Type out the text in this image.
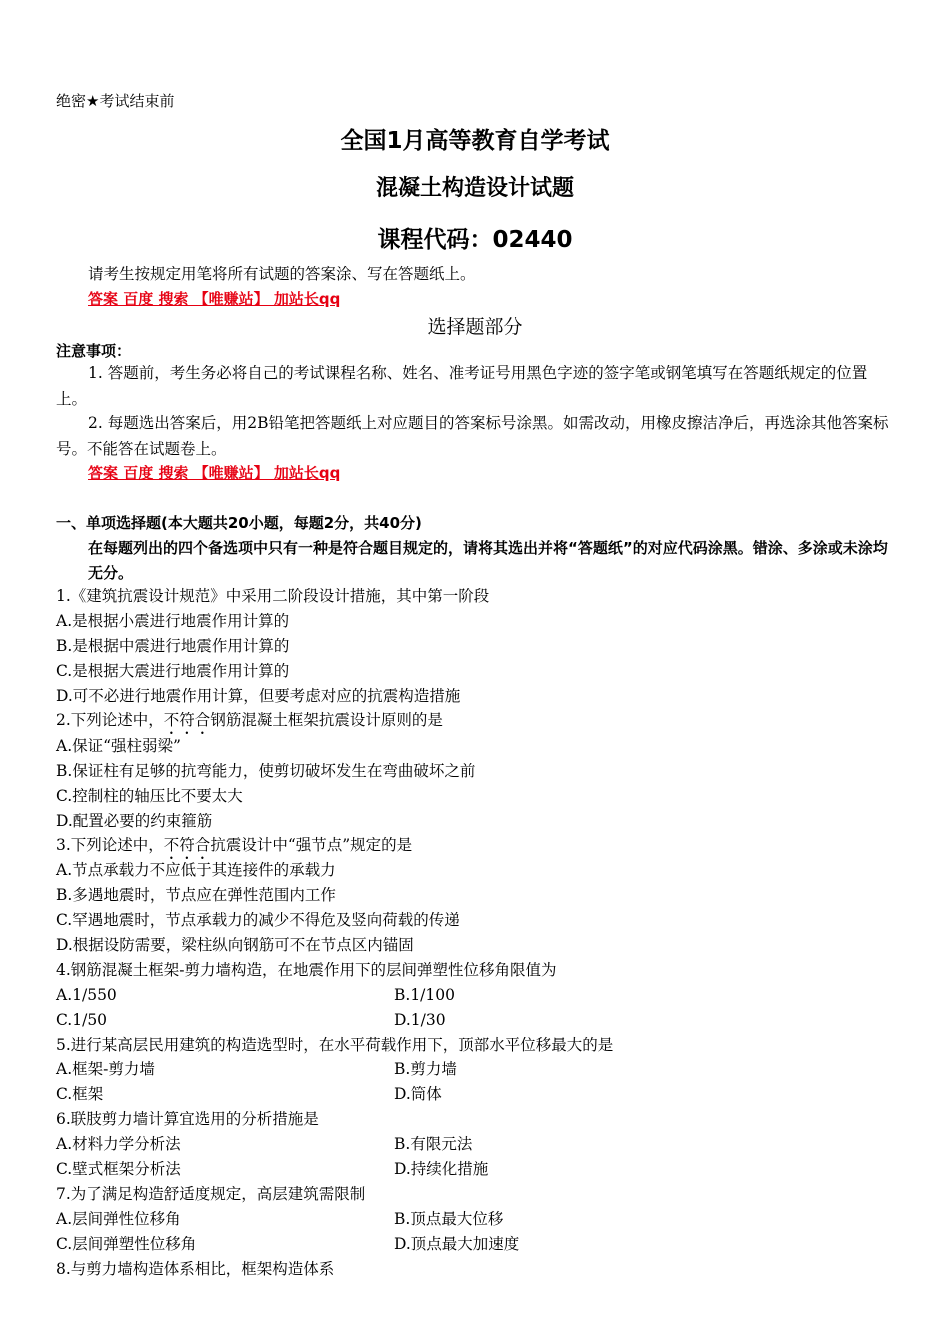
绝密★考试结束前
全国1月高等教育自学考试
混凝土构造设计试题
课程代码：02440
请考生按规定用笔将所有试题的答案涂、写在答题纸上。
答案 百度 搜索 【唯赚站】 加站长qq
选择题部分
注意事项：
1. 答题前，考生务必将自己的考试课程名称、姓名、准考证号用黑色字迹的签字笔或钢笔填写在答题纸规定的位置上。
2. 每题选出答案后，用2B铅笔把答题纸上对应题目的答案标号涂黑。如需改动，用橡皮擦洁净后，再选涂其他答案标号。不能答在试题卷上。
答案 百度 搜索 【唯赚站】 加站长qq
一、单项选择题(本大题共20小题，每题2分，共40分)
在每题列出的四个备选项中只有一种是符合题目规定的，请将其选出并将“答题纸”的对应代码涂黑。错涂、多涂或未涂均无分。
1.《建筑抗震设计规范》中采用二阶段设计措施，其中第一阶段
A.是根据小震进行地震作用计算的
B.是根据中震进行地震作用计算的
C.是根据大震进行地震作用计算的
D.可不必进行地震作用计算，但要考虑对应的抗震构造措施
2.下列论述中，不符合钢筋混凝土框架抗震设计原则的是
A.保证“强柱弱梁”
B.保证柱有足够的抗弯能力，使剪切破坏发生在弯曲破坏之前
C.控制柱的轴压比不要太大
D.配置必要的约束箍筋
3.下列论述中，不符合抗震设计中“强节点”规定的是
A.节点承载力不应低于其连接件的承载力
B.多遇地震时，节点应在弹性范围内工作
C.罕遇地震时，节点承载力的减少不得危及竖向荷载的传递
D.根据设防需要，梁柱纵向钢筋可不在节点区内锚固
4.钢筋混凝土框架-剪力墙构造，在地震作用下的层间弹塑性位移角限值为
A.1/550	B.1/100
C.1/50	D.1/30
5.进行某高层民用建筑的构造选型时，在水平荷载作用下，顶部水平位移最大的是
A.框架-剪力墙	B.剪力墙
C.框架	D.筒体
6.联肢剪力墙计算宜选用的分析措施是
A.材料力学分析法	B.有限元法
C.壁式框架分析法	D.持续化措施
7.为了满足构造舒适度规定，高层建筑需限制
A.层间弹性位移角	B.顶点最大位移
C.层间弹塑性位移角	D.顶点最大加速度
8.与剪力墙构造体系相比，框架构造体系
